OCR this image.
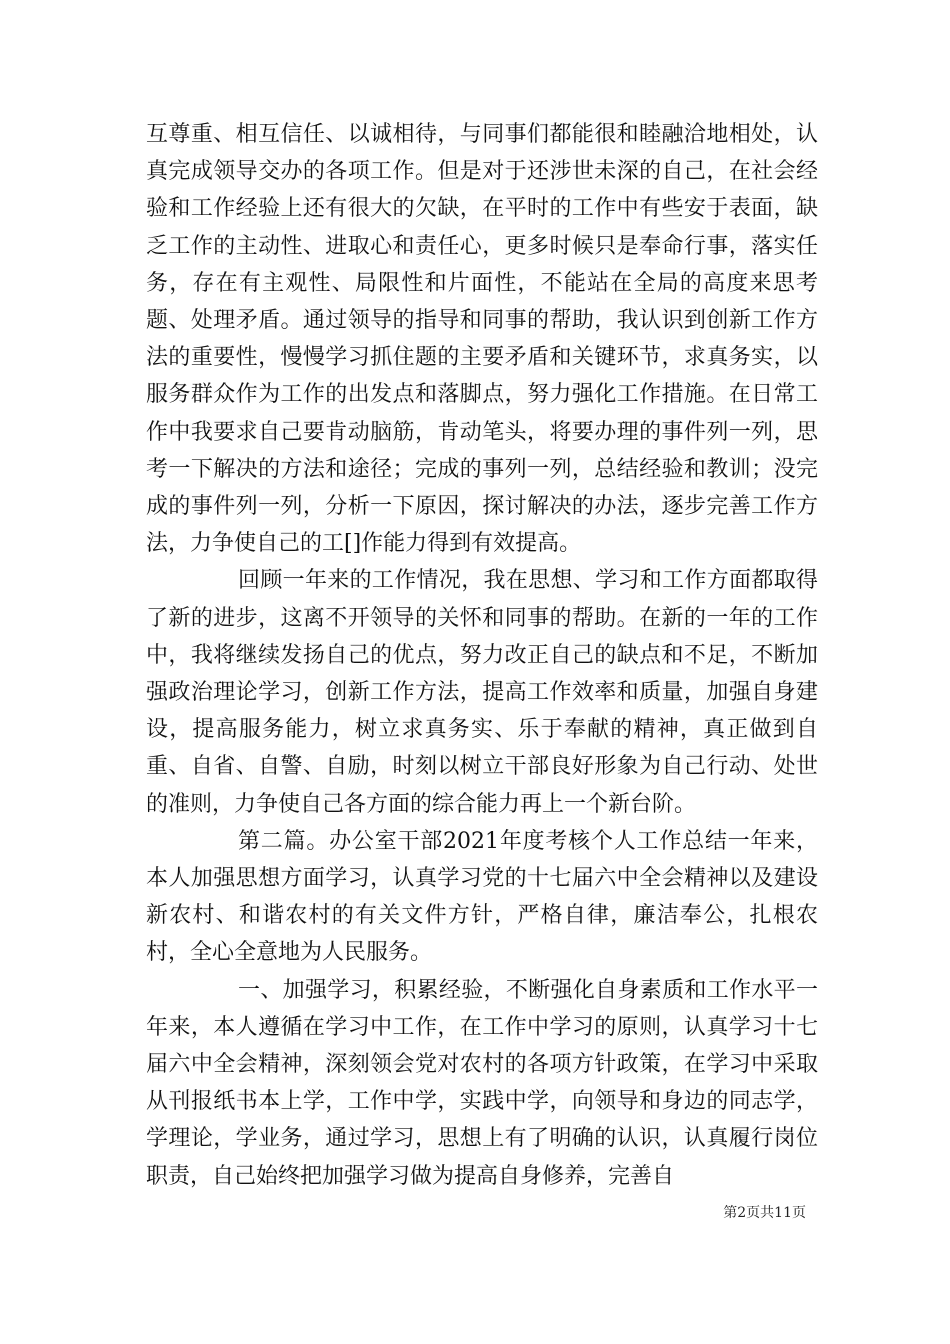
互尊重、相互信任、以诚相待，与同事们都能很和睦融洽地相处，认真完成领导交办的各项工作。但是对于还涉世未深的自己，在社会经验和工作经验上还有很大的欠缺，在平时的工作中有些安于表面，缺乏工作的主动性、进取心和责任心，更多时候只是奉命行事，落实任务，存在有主观性、局限性和片面性，不能站在全局的高度来思考题、处理矛盾。通过领导的指导和同事的帮助，我认识到创新工作方法的重要性，慢慢学习抓住题的主要矛盾和关键环节，求真务实，以服务群众作为工作的出发点和落脚点，努力强化工作措施。在日常工作中我要求自己要肯动脑筋，肯动笔头，将要办理的事件列一列，思考一下解决的方法和途径；完成的事列一列，总结经验和教训；没完成的事件列一列，分析一下原因，探讨解决的办法，逐步完善工作方法，力争使自己的工[]作能力得到有效提高。

回顾一年来的工作情况，我在思想、学习和工作方面都取得了新的进步，这离不开领导的关怀和同事的帮助。在新的一年的工作中，我将继续发扬自己的优点，努力改正自己的缺点和不足，不断加强政治理论学习，创新工作方法，提高工作效率和质量，加强自身建设，提高服务能力，树立求真务实、乐于奉献的精神，真正做到自重、自省、自警、自励，时刻以树立干部良好形象为自己行动、处世的准则，力争使自己各方面的综合能力再上一个新台阶。

第二篇。办公室干部2021年度考核个人工作总结一年来，本人加强思想方面学习，认真学习党的十七届六中全会精神以及建设新农村、和谐农村的有关文件方针，严格自律，廉洁奉公，扎根农村，全心全意地为人民服务。

一、加强学习，积累经验，不断强化自身素质和工作水平一年来，本人遵循在学习中工作，在工作中学习的原则，认真学习十七届六中全会精神，深刻领会党对农村的各项方针政策，在学习中采取从刊报纸书本上学，工作中学，实践中学，向领导和身边的同志学，学理论，学业务，通过学习，思想上有了明确的认识，认真履行岗位职责，自己始终把加强学习做为提高自身修养，完善自

第2页共11页
